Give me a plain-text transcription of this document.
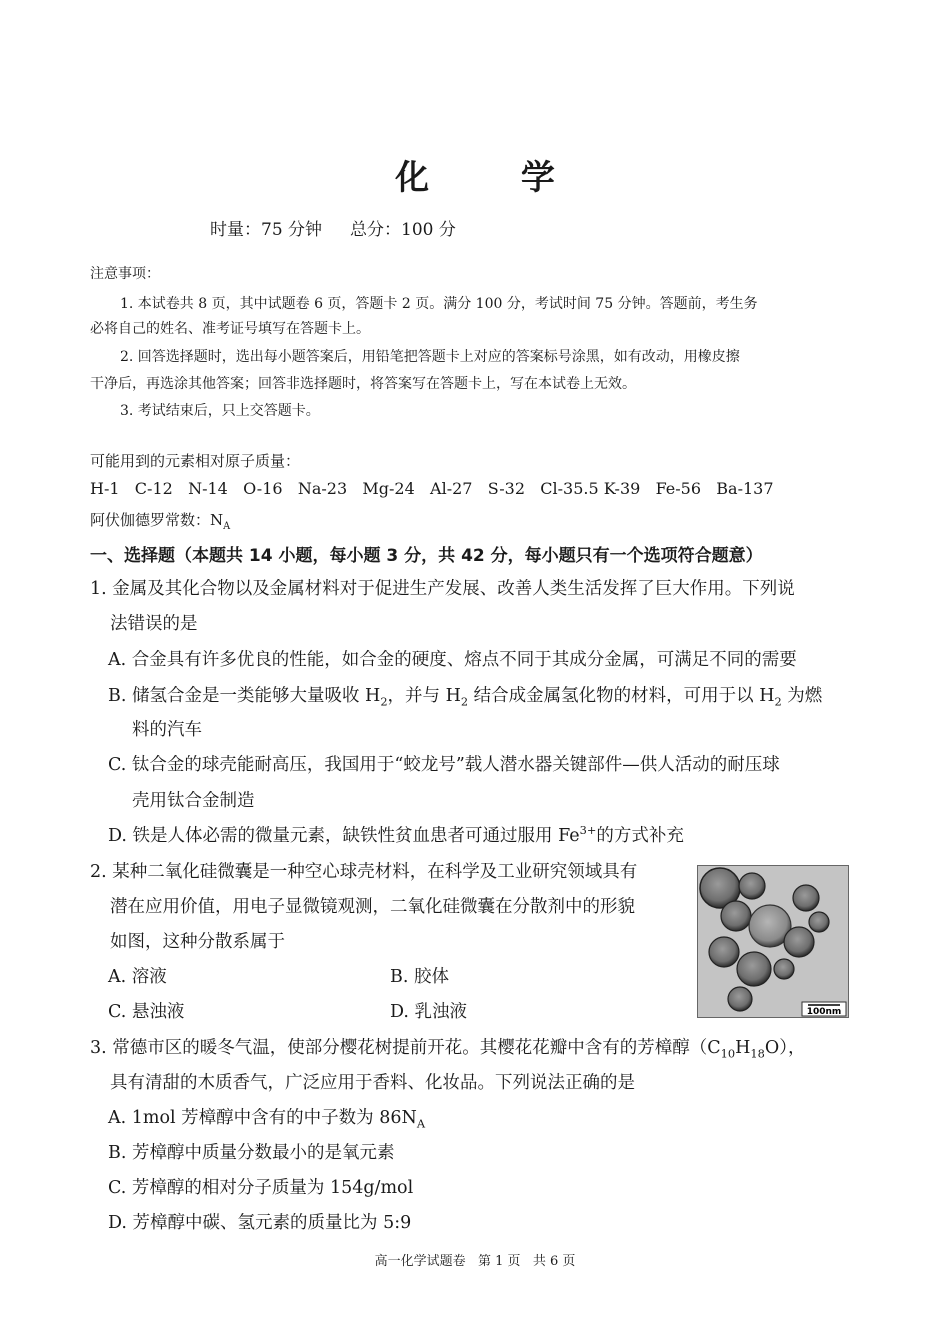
化 学
时量：75 分钟 总分：100 分
注意事项：
1. 本试卷共 8 页，其中试题卷 6 页，答题卡 2 页。满分 100 分，考试时间 75 分钟。答题前，考生务
必将自己的姓名、准考证号填写在答题卡上。
2. 回答选择题时，选出每小题答案后，用铅笔把答题卡上对应的答案标号涂黑，如有改动，用橡皮擦
干净后，再选涂其他答案；回答非选择题时，将答案写在答题卡上，写在本试卷上无效。
3. 考试结束后，只上交答题卡。
可能用到的元素相对原子质量：
H-1   C-12   N-14   O-16   Na-23   Mg-24   Al-27   S-32   Cl-35.5 K-39   Fe-56   Ba-137
阿伏伽德罗常数：$N_A$
一、选择题（本题共 14 小题，每小题 3 分，共 42 分，每小题只有一个选项符合题意）
1. 金属及其化合物以及金属材料对于促进生产发展、改善人类生活发挥了巨大作用。下列说
法错误的是
A. 合金具有许多优良的性能，如合金的硬度、熔点不同于其成分金属，可满足不同的需要
B. 储氢合金是一类能够大量吸收 $H_2$，并与 $H_2$ 结合成金属氢化物的材料，可用于以 $H_2$ 为燃
料的汽车
C. 钛合金的球壳能耐高压，我国用于“蛟龙号”载人潜水器关键部件—供人活动的耐压球
壳用钛合金制造
D. 铁是人体必需的微量元素，缺铁性贫血患者可通过服用 $Fe^{3+}$的方式补充
2. 某种二氧化硅微囊是一种空心球壳材料，在科学及工业研究领域具有
潜在应用价值，用电子显微镜观测，二氧化硅微囊在分散剂中的形貌
如图，这种分散系属于
A. 溶液	B. 胶体
C. 悬浊液	D. 乳浊液	100nm
3. 常德市区的暖冬气温，使部分樱花树提前开花。其樱花花瓣中含有的芳樟醇$(C_{10}H_{18}O)$，
具有清甜的木质香气，广泛应用于香料、化妆品。下列说法正确的是
A. 1mol 芳樟醇中含有的中子数为 $86N_A$
B. 芳樟醇中质量分数最小的是氧元素
C. 芳樟醇的相对分子质量为 154g/mol
D. 芳樟醇中碳、氢元素的质量比为 5:9
高一化学试题卷   第 1 页   共 6 页
